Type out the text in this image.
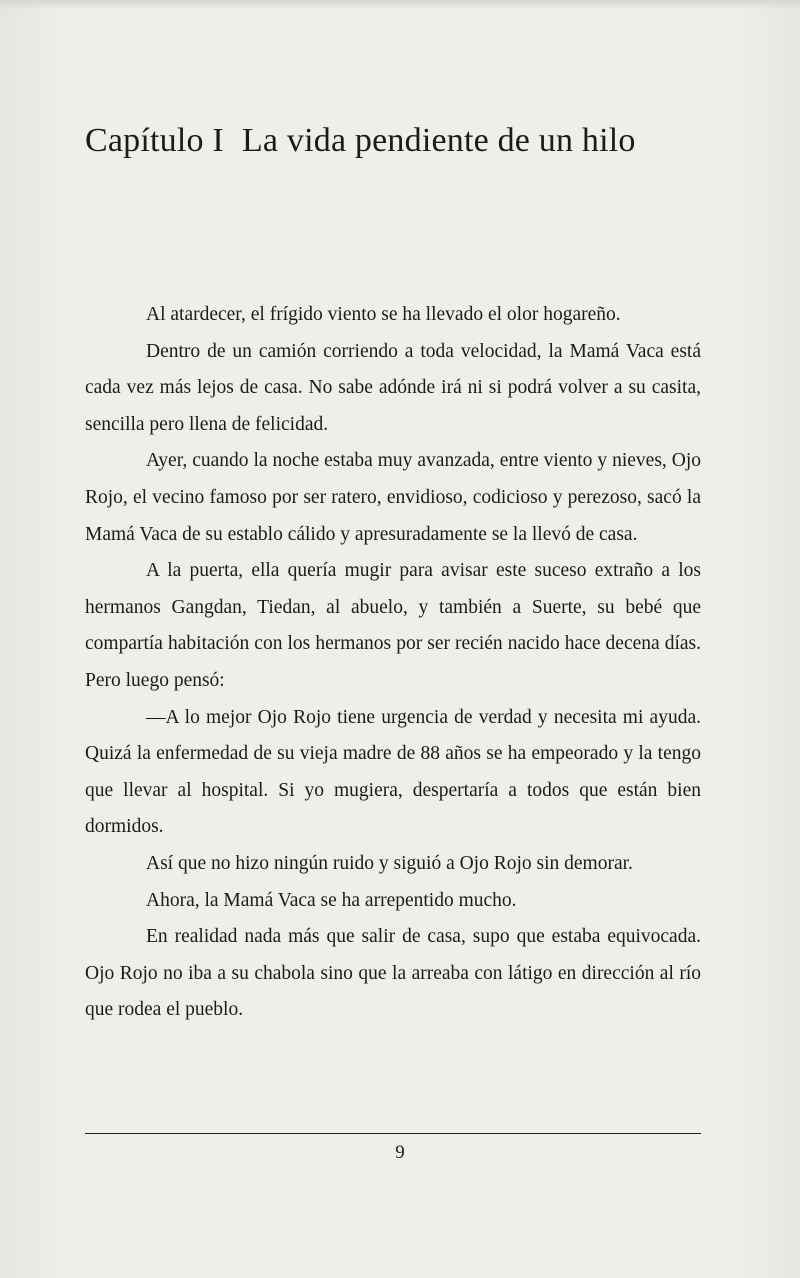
Capítulo I La vida pendiente de un hilo

Al atardecer, el frígido viento se ha llevado el olor hogareño.

Dentro de un camión corriendo a toda velocidad, la Mamá Vaca está cada vez más lejos de casa. No sabe adónde irá ni si podrá volver a su casita, sencilla pero llena de felicidad.

Ayer, cuando la noche estaba muy avanzada, entre viento y nieves, Ojo Rojo, el vecino famoso por ser ratero, envidioso, codicioso y perezoso, sacó la Mamá Vaca de su establo cálido y apresuradamente se la llevó de casa.

A la puerta, ella quería mugir para avisar este suceso extraño a los hermanos Gangdan, Tiedan, al abuelo, y también a Suerte, su bebé que compartía habitación con los hermanos por ser recién nacido hace decena días. Pero luego pensó:

—A lo mejor Ojo Rojo tiene urgencia de verdad y necesita mi ayuda. Quizá la enfermedad de su vieja madre de 88 años se ha empeorado y la tengo que llevar al hospital. Si yo mugiera, despertaría a todos que están bien dormidos.

Así que no hizo ningún ruido y siguió a Ojo Rojo sin demorar.

Ahora, la Mamá Vaca se ha arrepentido mucho.

En realidad nada más que salir de casa, supo que estaba equivocada. Ojo Rojo no iba a su chabola sino que la arreaba con látigo en dirección al río que rodea el pueblo.

9
